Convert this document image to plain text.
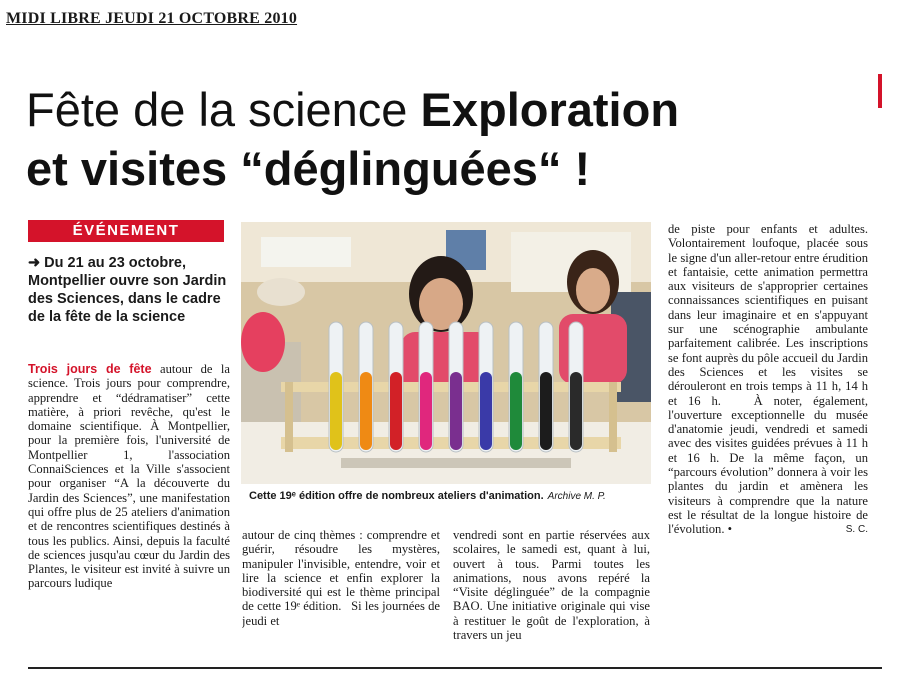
MIDI LIBRE JEUDI 21 OCTOBRE 2010
Fête de la science Exploration
et visites “déglinguées“ !
ÉVÉNEMENT
➜ Du 21 au 23 octobre, Montpellier ouvre son Jardin des Sciences, dans le cadre de la fête de la science
Trois jours de fête autour de la science. Trois jours pour comprendre, apprendre et “dédramatiser” cette matière, à priori revêche, qu'est le domaine scientifique. À Montpellier, pour la première fois, l'université de Montpellier 1, l'association ConnaiSciences et la Ville s'associent pour organiser “A la découverte du Jardin des Sciences”, une manifestation qui offre plus de 25 ateliers d'animation et de rencontres scientifiques destinés à tous les publics. Ainsi, depuis la faculté de sciences jusqu'au cœur du Jardin des Plantes, le visiteur est invité à suivre un parcours ludique
Cette 19ᵉ édition offre de nombreux ateliers d'animation. Archive M. P.
autour de cinq thèmes : comprendre et guérir, résoudre les mystères, manipuler l'invisible, entendre, voir et lire la science et enfin explorer la biodiversité qui est le thème principal de cette 19ᵉ édition.   Si les journées de jeudi et
vendredi sont en partie réservées aux scolaires, le samedi est, quant à lui, ouvert à tous. Parmi toutes les animations, nous avons repéré la “Visite déglinguée” de la compagnie BAO. Une initiative originale qui vise à restituer le goût de l'exploration, à travers un jeu
de piste pour enfants et adultes. Volontairement loufoque, placée sous le signe d'un aller-retour entre érudition et fantaisie, cette animation permettra aux visiteurs de s'approprier certaines connaissances scientifiques en puisant dans leur imaginaire et en s'appuyant sur une scénographie ambulante parfaitement calibrée. Les inscriptions se font auprès du pôle accueil du Jardin des Sciences et les visites se dérouleront en trois temps à 11 h, 14 h et 16 h.   À noter, également, l'ouverture exceptionnelle du musée d'anatomie jeudi, vendredi et samedi avec des visites guidées prévues à 11 h et 16 h. De la même façon, un “parcours évolution” donnera à voir les plantes du jardin et amènera les visiteurs à comprendre que la nature est le résultat de la longue histoire de l'évolution. •	S. C.
